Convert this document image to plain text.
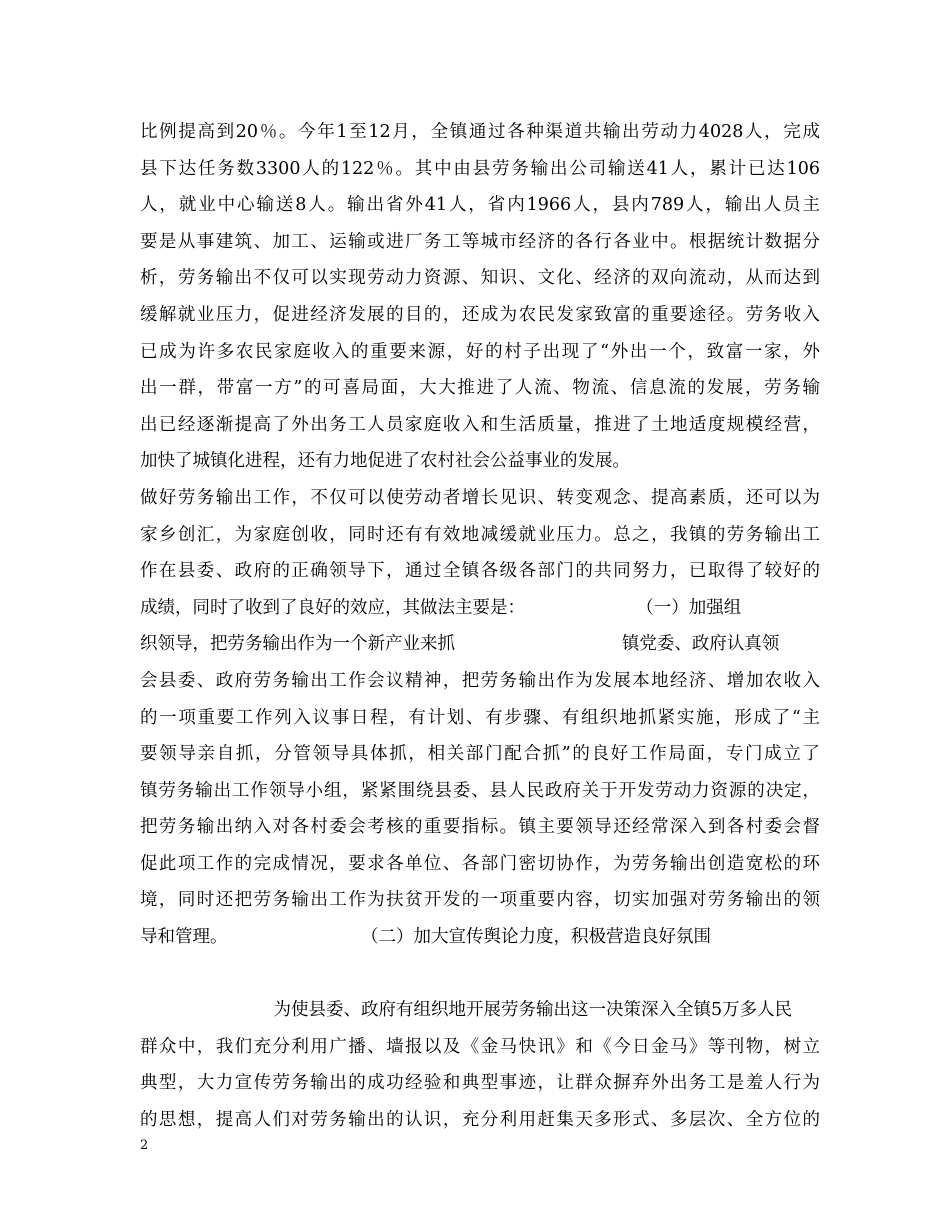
比例提高到20％。今年1至12月，全镇通过各种渠道共输出劳动力4028人，完成
县下达任务数3300人的122％。其中由县劳务输出公司输送41人，累计已达106
人，就业中心输送8人。输出省外41人，省内1966人，县内789人，输出人员主
要是从事建筑、加工、运输或进厂务工等城市经济的各行各业中。根据统计数据分
析，劳务输出不仅可以实现劳动力资源、知识、文化、经济的双向流动，从而达到
缓解就业压力，促进经济发展的目的，还成为农民发家致富的重要途径。劳务收入
已成为许多农民家庭收入的重要来源，好的村子出现了“外出一个，致富一家，外
出一群，带富一方”的可喜局面，大大推进了人流、物流、信息流的发展，劳务输
出已经逐渐提高了外出务工人员家庭收入和生活质量，推进了土地适度规模经营，
加快了城镇化进程，还有力地促进了农村社会公益事业的发展。
做好劳务输出工作，不仅可以使劳动者增长见识、转变观念、提高素质，还可以为
家乡创汇，为家庭创收，同时还有有效地减缓就业压力。总之，我镇的劳务输出工
作在县委、政府的正确领导下，通过全镇各级各部门的共同努力，已取得了较好的
成绩，同时了收到了良好的效应，其做法主要是：                    （一）加强组
织领导，把劳务输出作为一个新产业来抓                              镇党委、政府认真领
会县委、政府劳务输出工作会议精神，把劳务输出作为发展本地经济、增加农收入
的一项重要工作列入议事日程，有计划、有步骤、有组织地抓紧实施，形成了“主
要领导亲自抓，分管领导具体抓，相关部门配合抓”的良好工作局面，专门成立了
镇劳务输出工作领导小组，紧紧围绕县委、县人民政府关于开发劳动力资源的决定，
把劳务输出纳入对各村委会考核的重要指标。镇主要领导还经常深入到各村委会督
促此项工作的完成情况，要求各单位、各部门密切协作，为劳务输出创造宽松的环
境，同时还把劳务输出工作为扶贫开发的一项重要内容，切实加强对劳务输出的领
导和管理。                        （二）加大宣传舆论力度，积极营造良好氛围
为使县委、政府有组织地开展劳务输出这一决策深入全镇5万多人民
群众中，我们充分利用广播、墙报以及《金马快讯》和《今日金马》等刊物，树立
典型，大力宣传劳务输出的成功经验和典型事迹，让群众摒弃外出务工是羞人行为
的思想，提高人们对劳务输出的认识，充分利用赶集天多形式、多层次、全方位的
2
